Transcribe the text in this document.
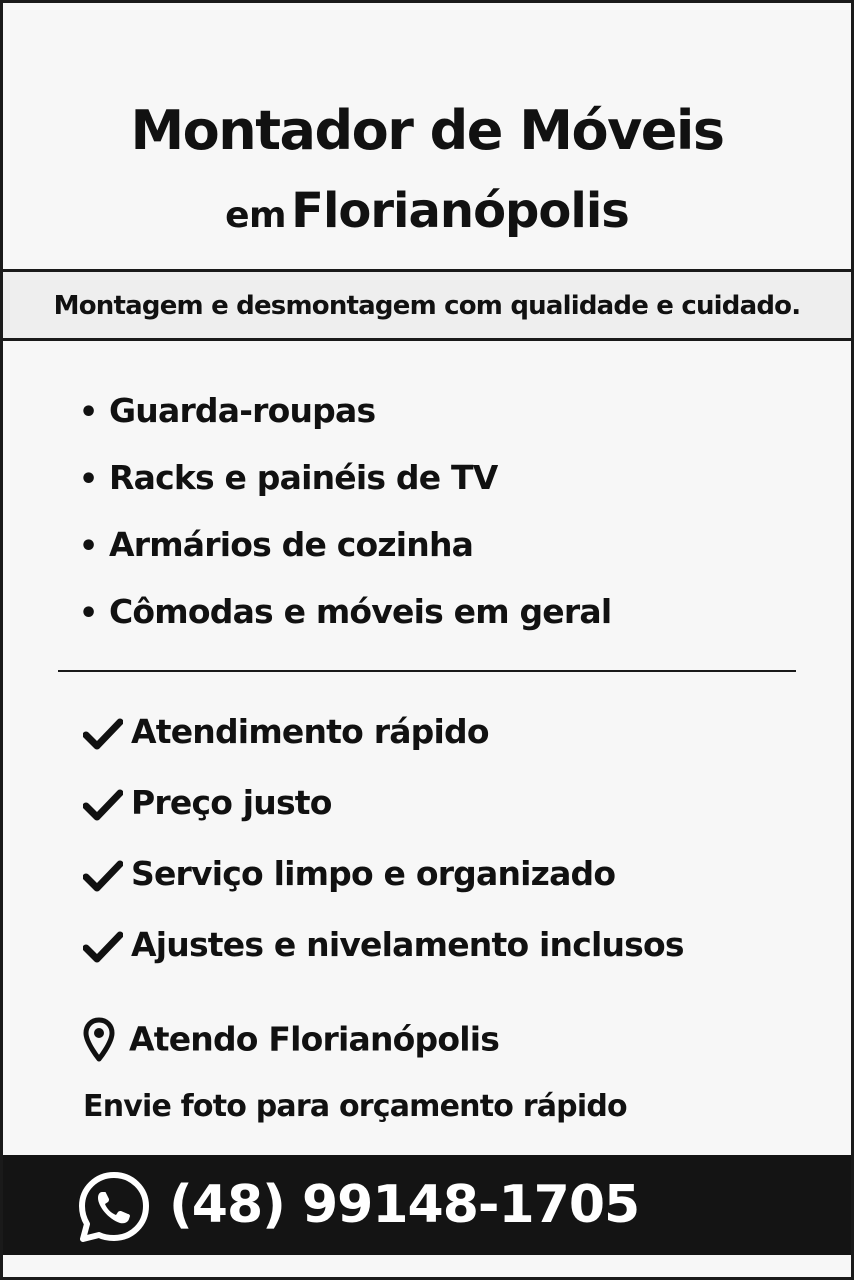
Montador de Móveis
em Florianópolis
Montagem e desmontagem com qualidade e cuidado.
• Guarda-roupas
• Racks e painéis de TV
• Armários de cozinha
• Cômodas e móveis em geral
Atendimento rápido
Preço justo
Serviço limpo e organizado
Ajustes e nivelamento inclusos
Atendo Florianópolis
Envie foto para orçamento rápido
(48) 99148-1705
